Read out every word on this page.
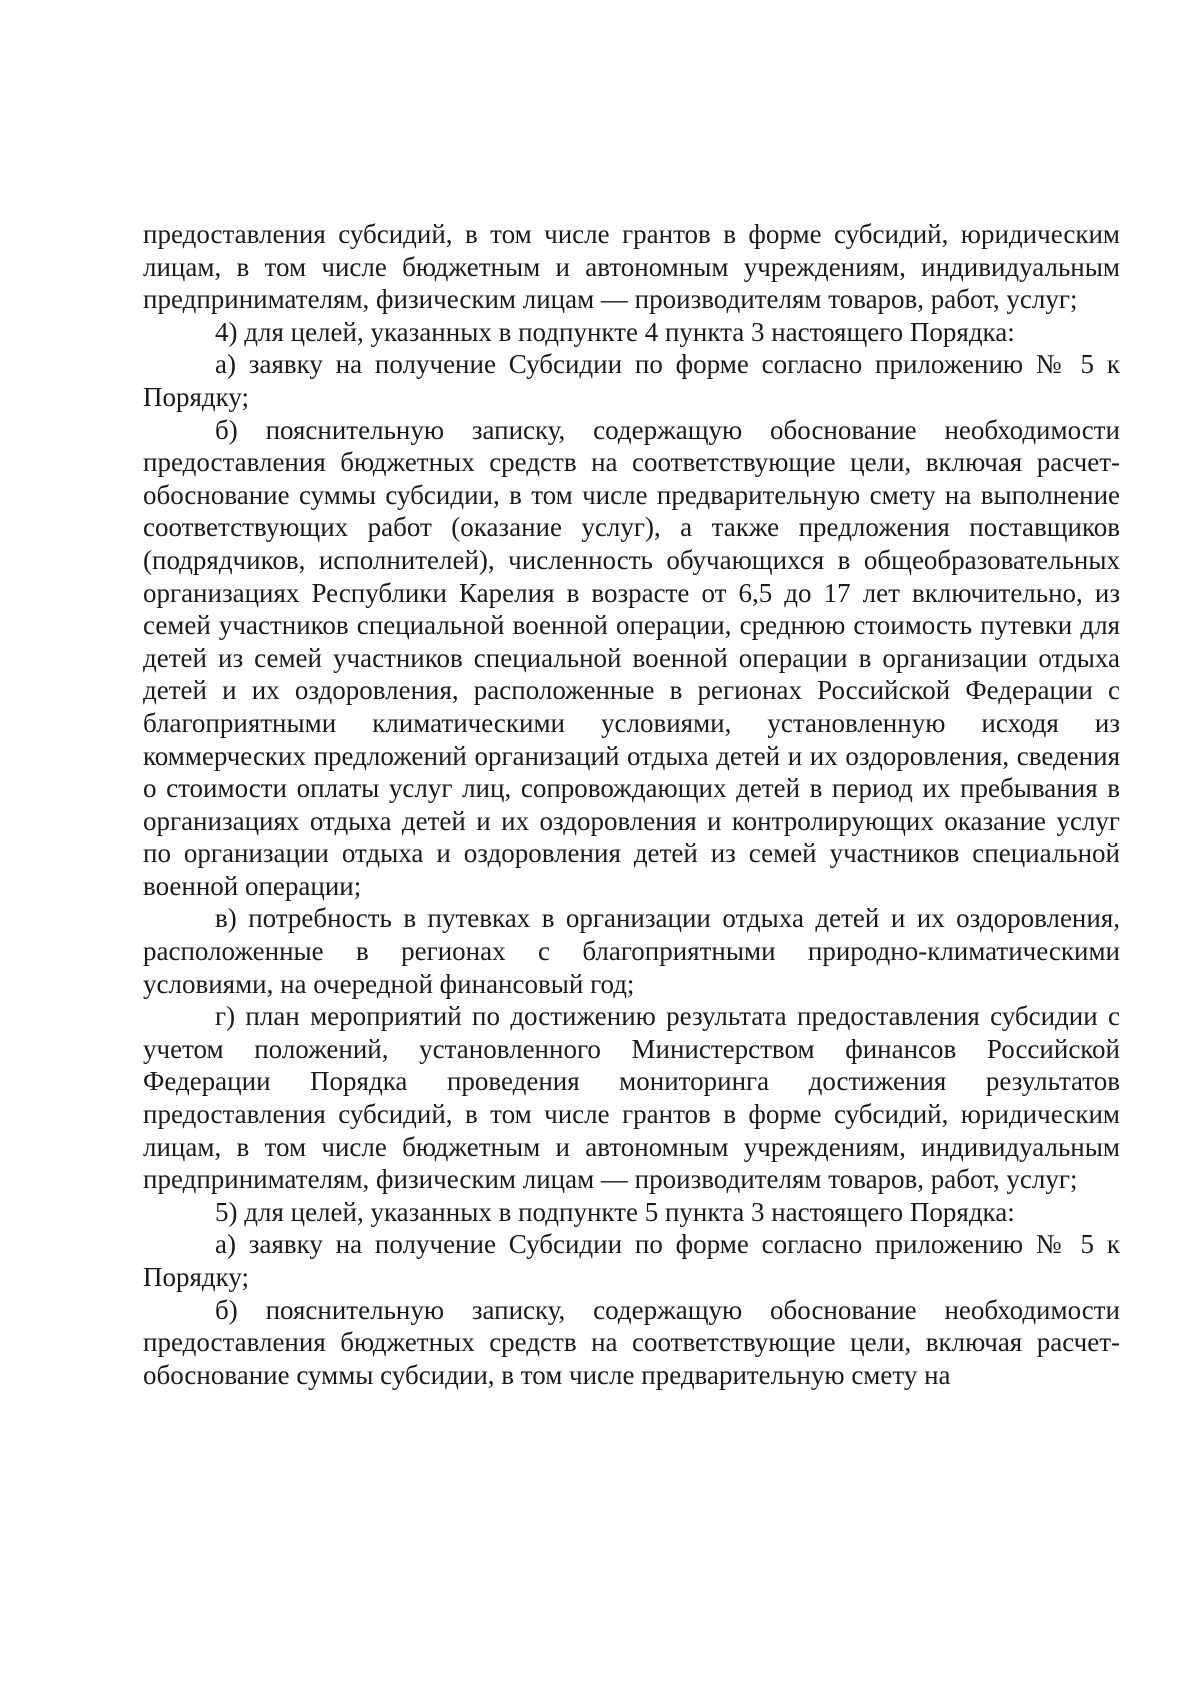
предоставления субсидий, в том числе грантов в форме субсидий, юридическим лицам, в том числе бюджетным и автономным учреждениям, индивидуальным предпринимателям, физическим лицам — производителям товаров, работ, услуг;

4) для целей, указанных в подпункте 4 пункта 3 настоящего Порядка:

а) заявку на получение Субсидии по форме согласно приложению № 5 к Порядку;

б) пояснительную записку, содержащую обоснование необходимости предоставления бюджетных средств на соответствующие цели, включая расчет-обоснование суммы субсидии, в том числе предварительную смету на выполнение соответствующих работ (оказание услуг), а также предложения поставщиков (подрядчиков, исполнителей), численность обучающихся в общеобразовательных организациях Республики Карелия в возрасте от 6,5 до 17 лет включительно, из семей участников специальной военной операции, среднюю стоимость путевки для детей из семей участников специальной военной операции в организации отдыха детей и их оздоровления, расположенные в регионах Российской Федерации с благоприятными климатическими условиями, установленную исходя из коммерческих предложений организаций отдыха детей и их оздоровления, сведения о стоимости оплаты услуг лиц, сопровождающих детей в период их пребывания в организациях отдыха детей и их оздоровления и контролирующих оказание услуг по организации отдыха и оздоровления детей из семей участников специальной военной операции;

в) потребность в путевках в организации отдыха детей и их оздоровления, расположенные в регионах с благоприятными природно-климатическими условиями, на очередной финансовый год;

г) план мероприятий по достижению результата предоставления субсидии с учетом положений, установленного Министерством финансов Российской Федерации Порядка проведения мониторинга достижения результатов предоставления субсидий, в том числе грантов в форме субсидий, юридическим лицам, в том числе бюджетным и автономным учреждениям, индивидуальным предпринимателям, физическим лицам — производителям товаров, работ, услуг;

5) для целей, указанных в подпункте 5 пункта 3 настоящего Порядка:

а) заявку на получение Субсидии по форме согласно приложению № 5 к Порядку;

б) пояснительную записку, содержащую обоснование необходимости предоставления бюджетных средств на соответствующие цели, включая расчет-обоснование суммы субсидии, в том числе предварительную смету на
